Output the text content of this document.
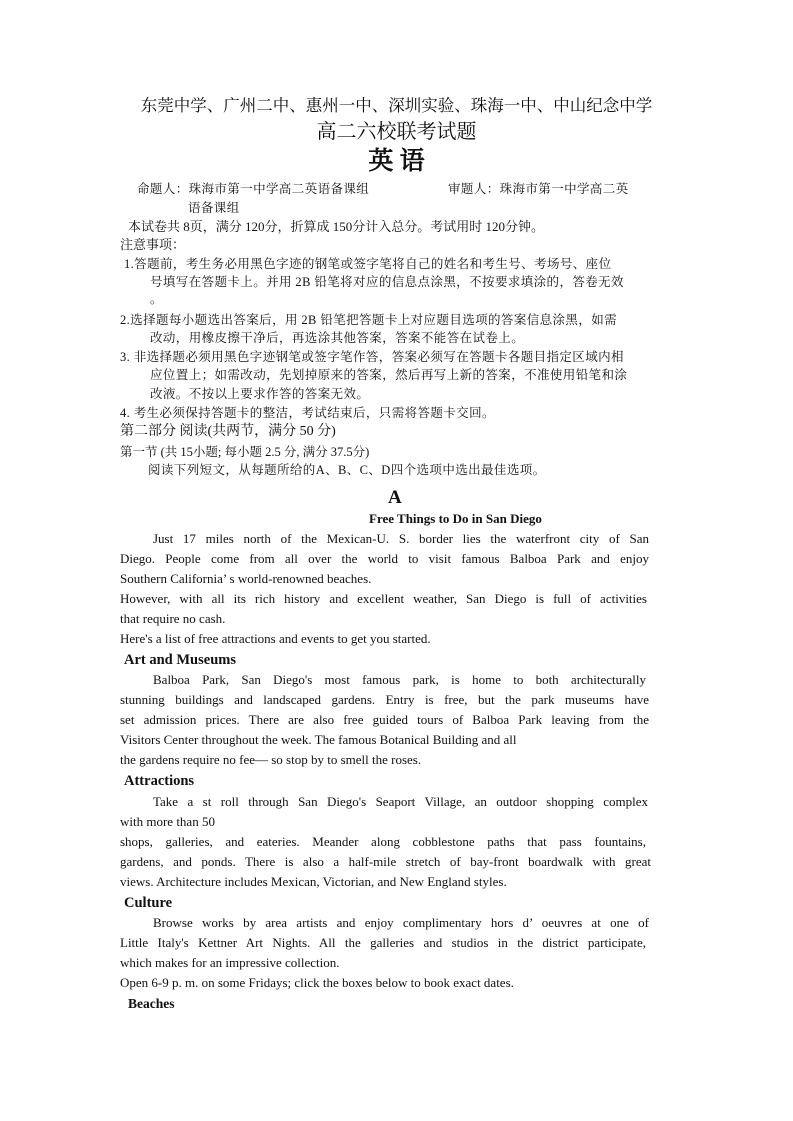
东莞中学、广州二中、惠州一中、深圳实验、珠海一中、中山纪念中学
高二六校联考试题
英 语
命题人：珠海市第一中学高二英语备课组	审题人：珠海市第一中学高二英
语备课组
本试卷共 8页，满分 120分，折算成 150分计入总分。考试用时 120分钟。
注意事项：
1.答题前，考生务必用黑色字迹的钢笔或签字笔将自己的姓名和考生号、考场号、座位
号填写在答题卡上。并用 2B 铅笔将对应的信息点涂黑，不按要求填涂的，答卷无效
。
2.选择题每小题选出答案后，用 2B 铅笔把答题卡上对应题目选项的答案信息涂黑，如需
改动，用橡皮擦干净后，再选涂其他答案，答案不能答在试卷上。
3. 非选择题必须用黑色字迹钢笔或签字笔作答，答案必须写在答题卡各题目指定区域内相
应位置上；如需改动，先划掉原来的答案，然后再写上新的答案，不准使用铅笔和涂
改液。不按以上要求作答的答案无效。
4. 考生必须保持答题卡的整洁，考试结束后，只需将答题卡交回。
第二部分 阅读(共两节，满分 50 分)
第一节 (共 15小题; 每小题 2.5 分, 满分 37.5分)
阅读下列短文，从每题所给的A、B、C、D四个选项中选出最佳选项。
A
Free Things to Do in San Diego
Just 17 miles north of the Mexican-U. S. border lies the waterfront city of San
Diego. People come from all over the world to visit famous Balboa Park and enjoy
Southern California’ s world-renowned beaches.
However, with all its rich history and excellent weather, San Diego is full of activities
that require no cash.
Here's a list of free attractions and events to get you started.
Art and Museums
Balboa Park, San Diego's most famous park, is home to both architecturally
stunning buildings and landscaped gardens. Entry is free, but the park museums have
set admission prices. There are also free guided tours of Balboa Park leaving from the
Visitors Center throughout the week. The famous Botanical Building and all
the gardens require no fee— so stop by to smell the roses.
Attractions
Take a st roll through San Diego's Seaport Village, an outdoor shopping complex
with more than 50
shops, galleries, and eateries. Meander along cobblestone paths that pass fountains,
gardens, and ponds. There is also a half-mile stretch of bay-front boardwalk with great
views. Architecture includes Mexican, Victorian, and New England styles.
Culture
Browse works by area artists and enjoy complimentary hors d’ oeuvres at one of
Little Italy's Kettner Art Nights. All the galleries and studios in the district participate,
which makes for an impressive collection.
Open 6-9 p. m. on some Fridays; click the boxes below to book exact dates.
Beaches
